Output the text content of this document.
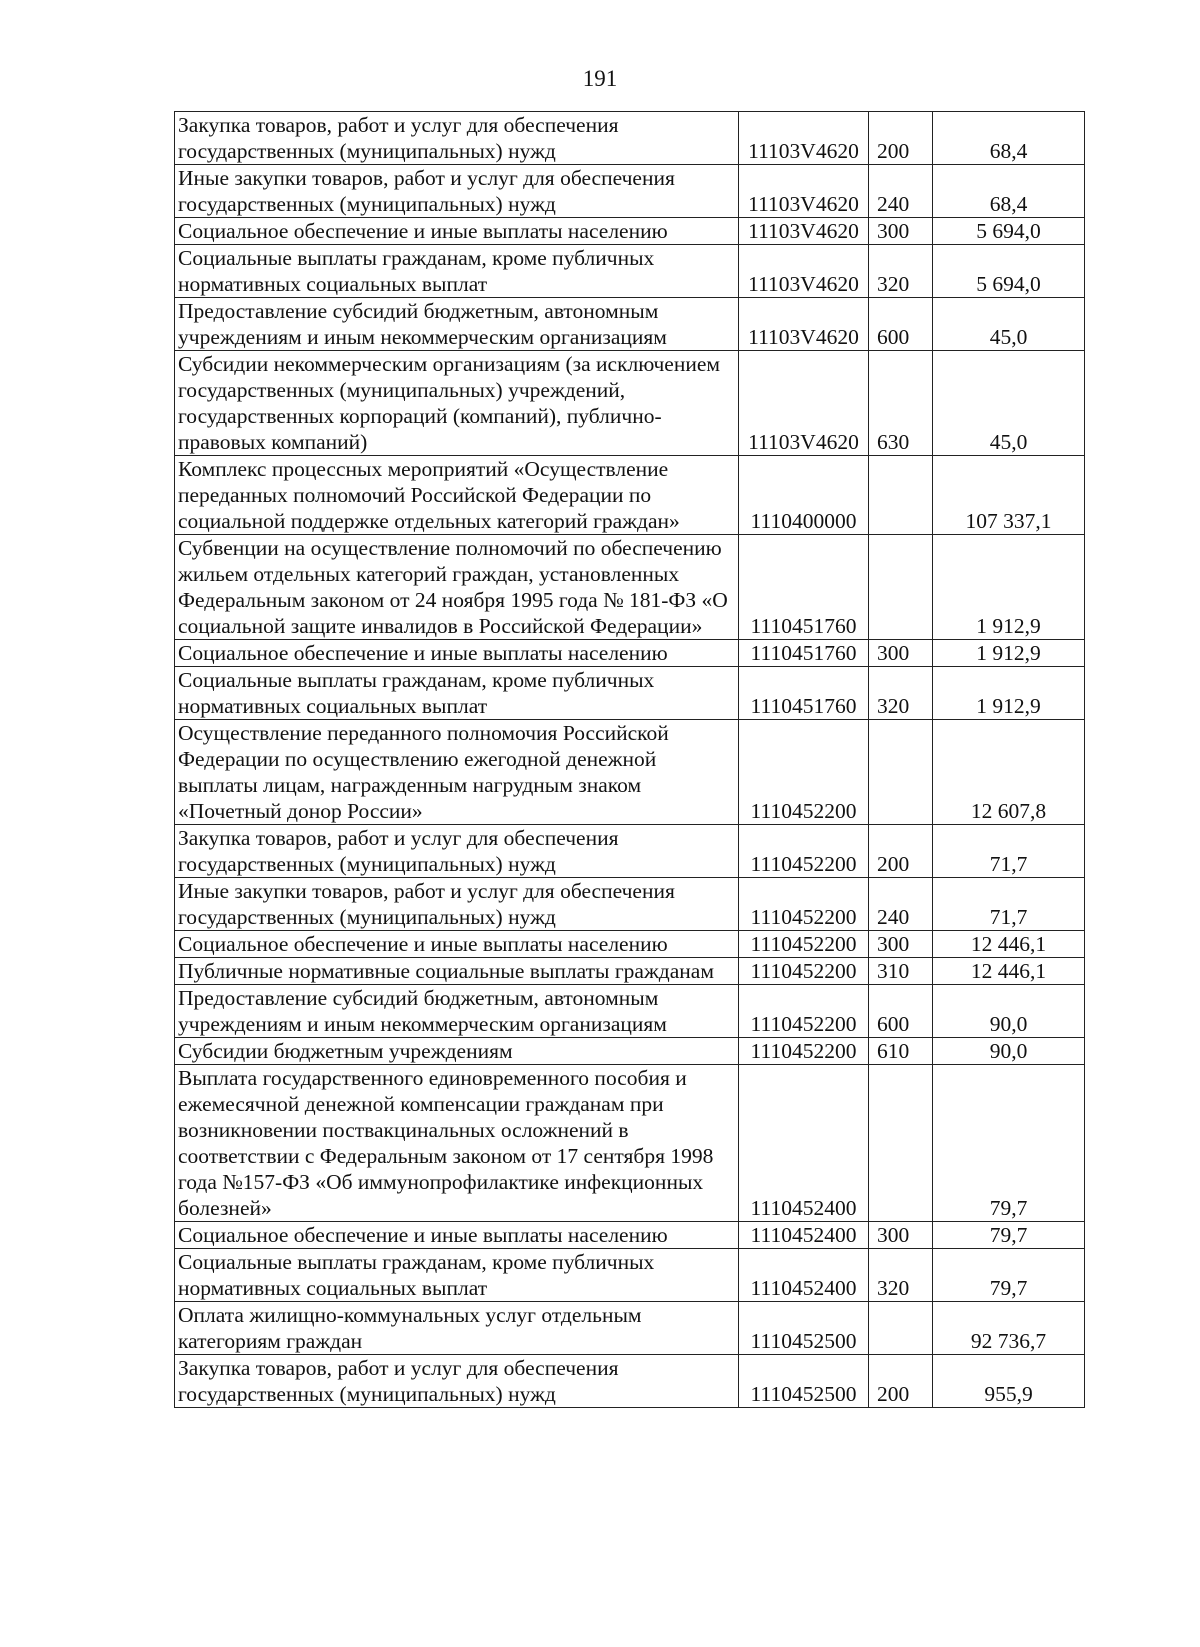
191
Закупка товаров, работ и услуг для обеспечения государственных (муниципальных) нужд	11103V4620	200	68,4
Иные закупки товаров, работ и услуг для обеспечения государственных (муниципальных) нужд	11103V4620	240	68,4
Социальное обеспечение и иные выплаты населению	11103V4620	300	5 694,0
Социальные выплаты гражданам, кроме публичных нормативных социальных выплат	11103V4620	320	5 694,0
Предоставление субсидий бюджетным, автономным учреждениям и иным некоммерческим организациям	11103V4620	600	45,0
Субсидии некоммерческим организациям (за исключением государственных (муниципальных) учреждений, государственных корпораций (компаний), публично-правовых компаний)	11103V4620	630	45,0
Комплекс процессных мероприятий «Осуществление переданных полномочий Российской Федерации по социальной поддержке отдельных категорий граждан»	1110400000		107 337,1
Субвенции на осуществление полномочий по обеспечению жильем отдельных категорий граждан, установленных Федеральным законом от 24 ноября 1995 года № 181-ФЗ «О социальной защите инвалидов в Российской Федерации»	1110451760		1 912,9
Социальное обеспечение и иные выплаты населению	1110451760	300	1 912,9
Социальные выплаты гражданам, кроме публичных нормативных социальных выплат	1110451760	320	1 912,9
Осуществление переданного полномочия Российской Федерации по осуществлению ежегодной денежной выплаты лицам, награжденным нагрудным знаком «Почетный донор России»	1110452200		12 607,8
Закупка товаров, работ и услуг для обеспечения государственных (муниципальных) нужд	1110452200	200	71,7
Иные закупки товаров, работ и услуг для обеспечения государственных (муниципальных) нужд	1110452200	240	71,7
Социальное обеспечение и иные выплаты населению	1110452200	300	12 446,1
Публичные нормативные социальные выплаты гражданам	1110452200	310	12 446,1
Предоставление субсидий бюджетным, автономным учреждениям и иным некоммерческим организациям	1110452200	600	90,0
Субсидии бюджетным учреждениям	1110452200	610	90,0
Выплата государственного единовременного пособия и ежемесячной денежной компенсации гражданам при возникновении поствакцинальных осложнений в соответствии с Федеральным законом от 17 сентября 1998 года №157-ФЗ «Об иммунопрофилактике инфекционных болезней»	1110452400		79,7
Социальное обеспечение и иные выплаты населению	1110452400	300	79,7
Социальные выплаты гражданам, кроме публичных нормативных социальных выплат	1110452400	320	79,7
Оплата жилищно-коммунальных услуг отдельным категориям граждан	1110452500		92 736,7
Закупка товаров, работ и услуг для обеспечения государственных (муниципальных) нужд	1110452500	200	955,9
